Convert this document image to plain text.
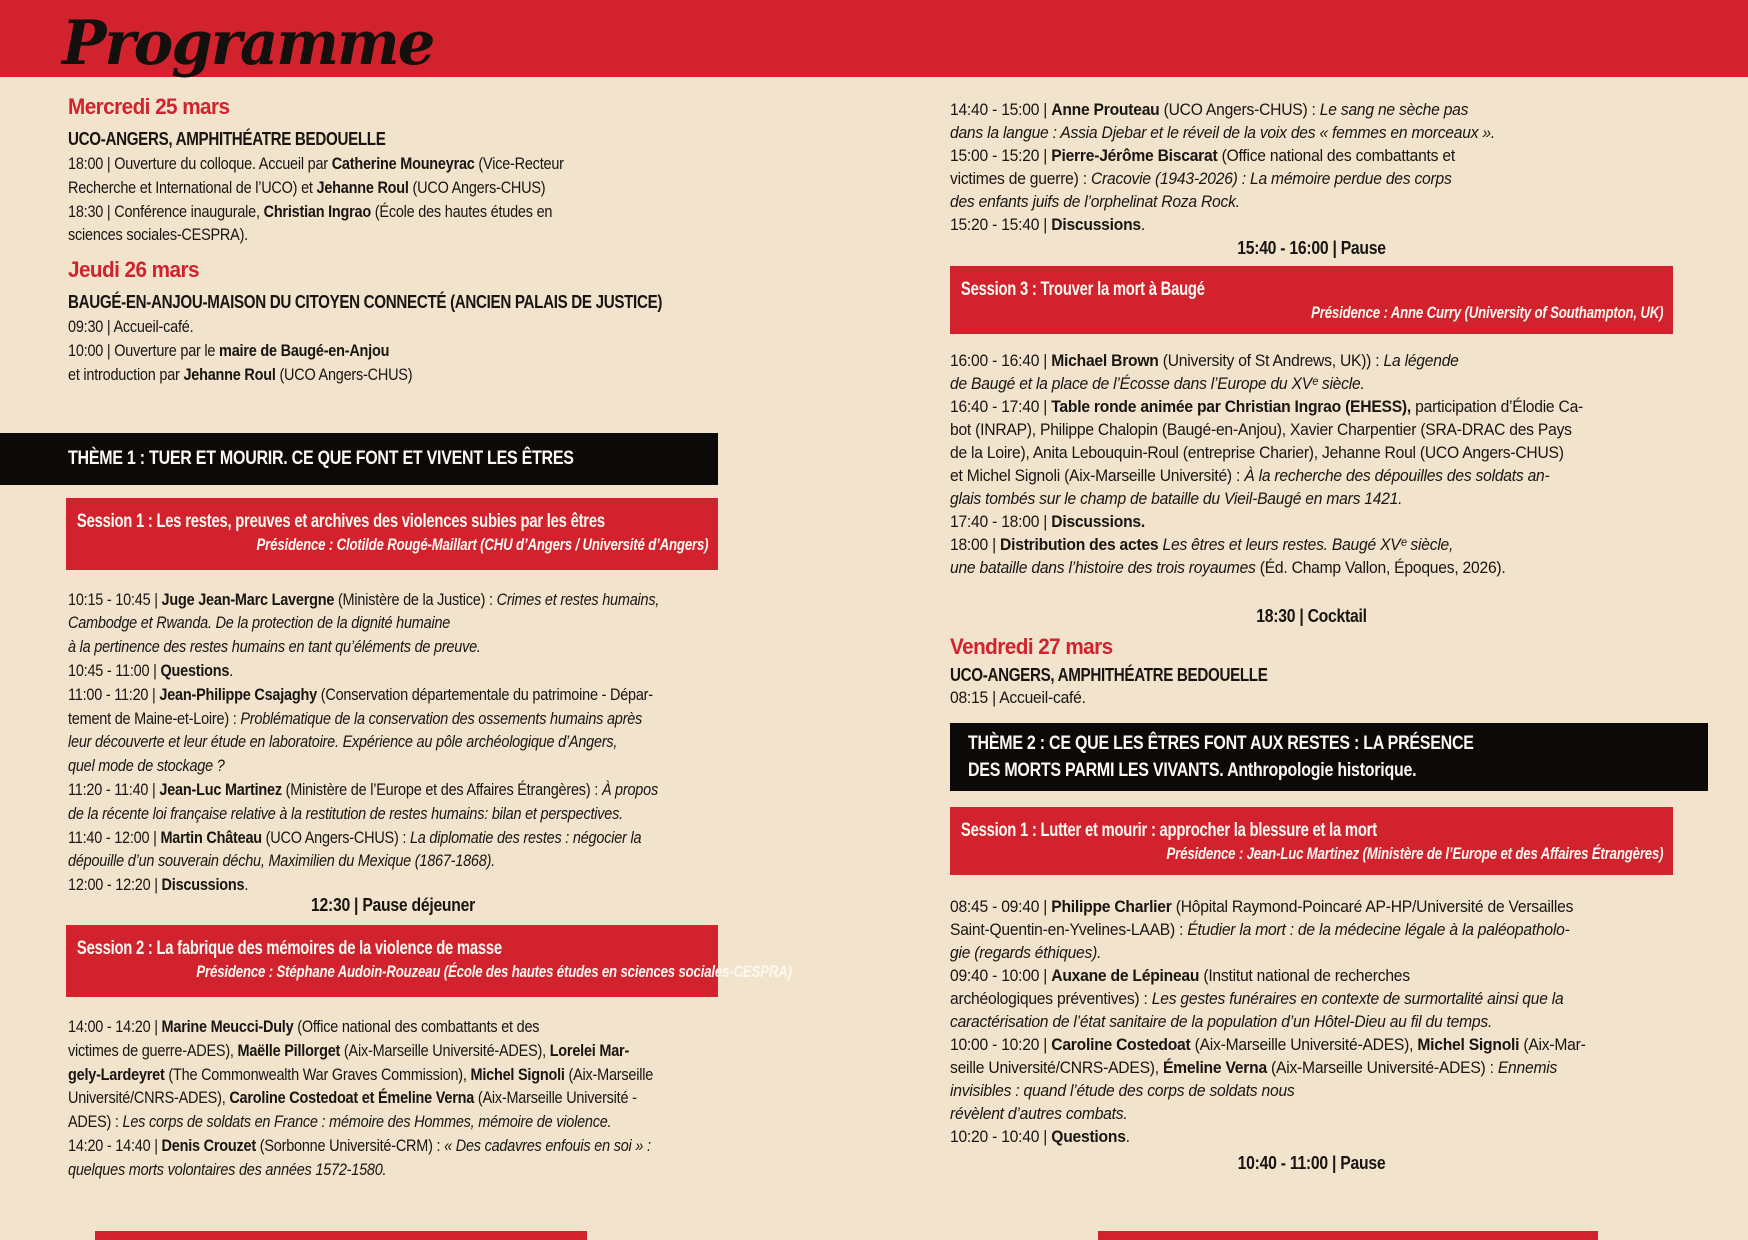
Programme
Mercredi 25 mars
UCO-ANGERS, AMPHITHÉATRE BEDOUELLE
18:00 | Ouverture du colloque. Accueil par Catherine Mouneyrac (Vice-Recteur
Recherche et International de l’UCO) et Jehanne Roul (UCO Angers-CHUS)
18:30 | Conférence inaugurale, Christian Ingrao (École des hautes études en
sciences sociales-CESPRA).
Jeudi 26 mars
BAUGÉ-EN-ANJOU-MAISON DU CITOYEN CONNECTÉ (ANCIEN PALAIS DE JUSTICE)
09:30 | Accueil-café.
10:00 | Ouverture par le maire de Baugé-en-Anjou
et introduction par Jehanne Roul (UCO Angers-CHUS)
THÈME 1 : TUER ET MOURIR. CE QUE FONT ET VIVENT LES ÊTRES
Session 1 : Les restes, preuves et archives des violences subies par les êtres
Présidence : Clotilde Rougé-Maillart (CHU d’Angers / Université d’Angers)
10:15 - 10:45 | Juge Jean-Marc Lavergne (Ministère de la Justice) : Crimes et restes humains,
Cambodge et Rwanda. De la protection de la dignité humaine
à la pertinence des restes humains en tant qu’éléments de preuve.
10:45 - 11:00 | Questions.
11:00 - 11:20 | Jean-Philippe Csajaghy (Conservation départementale du patrimoine - Dépar-
tement de Maine-et-Loire) : Problématique de la conservation des ossements humains après
leur découverte et leur étude en laboratoire. Expérience au pôle archéologique d’Angers,
quel mode de stockage ?
11:20 - 11:40 | Jean-Luc Martinez (Ministère de l’Europe et des Affaires Étrangères) : À propos
de la récente loi française relative à la restitution de restes humains: bilan et perspectives.
11:40 - 12:00 | Martin Château (UCO Angers-CHUS) : La diplomatie des restes : négocier la
dépouille d’un souverain déchu, Maximilien du Mexique (1867-1868).
12:00 - 12:20 | Discussions.
12:30 | Pause déjeuner
Session 2 : La fabrique des mémoires de la violence de masse
Présidence : Stéphane Audoin-Rouzeau (École des hautes études en sciences sociales-CESPRA)
14:00 - 14:20 | Marine Meucci-Duly (Office national des combattants et des
victimes de guerre-ADES), Maëlle Pillorget (Aix-Marseille Université-ADES), Lorelei Mar-
gely-Lardeyret (The Commonwealth War Graves Commission), Michel Signoli (Aix-Marseille
Université/CNRS-ADES), Caroline Costedoat et Émeline Verna (Aix-Marseille Université -
ADES) : Les corps de soldats en France : mémoire des Hommes, mémoire de violence.
14:20 - 14:40 | Denis Crouzet (Sorbonne Université-CRM) : « Des cadavres enfouis en soi » :
quelques morts volontaires des années 1572-1580.
14:40 - 15:00 | Anne Prouteau (UCO Angers-CHUS) : Le sang ne sèche pas
dans la langue : Assia Djebar et le réveil de la voix des « femmes en morceaux ».
15:00 - 15:20 | Pierre-Jérôme Biscarat (Office national des combattants et
victimes de guerre) : Cracovie (1943-2026) : La mémoire perdue des corps
des enfants juifs de l’orphelinat Roza Rock.
15:20 - 15:40 | Discussions.
15:40 - 16:00 | Pause
Session 3 : Trouver la mort à Baugé
Présidence : Anne Curry (University of Southampton, UK)
16:00 - 16:40 | Michael Brown (University of St Andrews, UK)) : La légende
de Baugé et la place de l’Écosse dans l’Europe du XVᵉ siècle.
16:40 - 17:40 | Table ronde animée par Christian Ingrao (EHESS), participation d’Élodie Ca-
bot (INRAP), Philippe Chalopin (Baugé-en-Anjou), Xavier Charpentier (SRA-DRAC des Pays
de la Loire), Anita Lebouquin-Roul (entreprise Charier), Jehanne Roul (UCO Angers-CHUS)
et Michel Signoli (Aix-Marseille Université) : À la recherche des dépouilles des soldats an-
glais tombés sur le champ de bataille du Vieil-Baugé en mars 1421.
17:40 - 18:00 | Discussions.
18:00 | Distribution des actes Les êtres et leurs restes. Baugé XVᵉ siècle,
une bataille dans l’histoire des trois royaumes (Éd. Champ Vallon, Époques, 2026).
18:30 | Cocktail
Vendredi 27 mars
UCO-ANGERS, AMPHITHÉATRE BEDOUELLE
08:15 | Accueil-café.
THÈME 2 : CE QUE LES ÊTRES FONT AUX RESTES : LA PRÉSENCE
DES MORTS PARMI LES VIVANTS. Anthropologie historique.
Session 1 : Lutter et mourir : approcher la blessure et la mort
Présidence : Jean-Luc Martinez (Ministère de l’Europe et des Affaires Étrangères)
08:45 - 09:40 | Philippe Charlier (Hôpital Raymond-Poincaré AP-HP/Université de Versailles
Saint-Quentin-en-Yvelines-LAAB) : Étudier la mort : de la médecine légale à la paléopatholo-
gie (regards éthiques).
09:40 - 10:00 | Auxane de Lépineau (Institut national de recherches
archéologiques préventives) : Les gestes funéraires en contexte de surmortalité ainsi que la
caractérisation de l’état sanitaire de la population d’un Hôtel-Dieu au fil du temps.
10:00 - 10:20 | Caroline Costedoat (Aix-Marseille Université-ADES), Michel Signoli (Aix-Mar-
seille Université/CNRS-ADES), Émeline Verna (Aix-Marseille Université-ADES) : Ennemis
invisibles : quand l’étude des corps de soldats nous
révèlent d’autres combats.
10:20 - 10:40 | Questions.
10:40 - 11:00 | Pause
